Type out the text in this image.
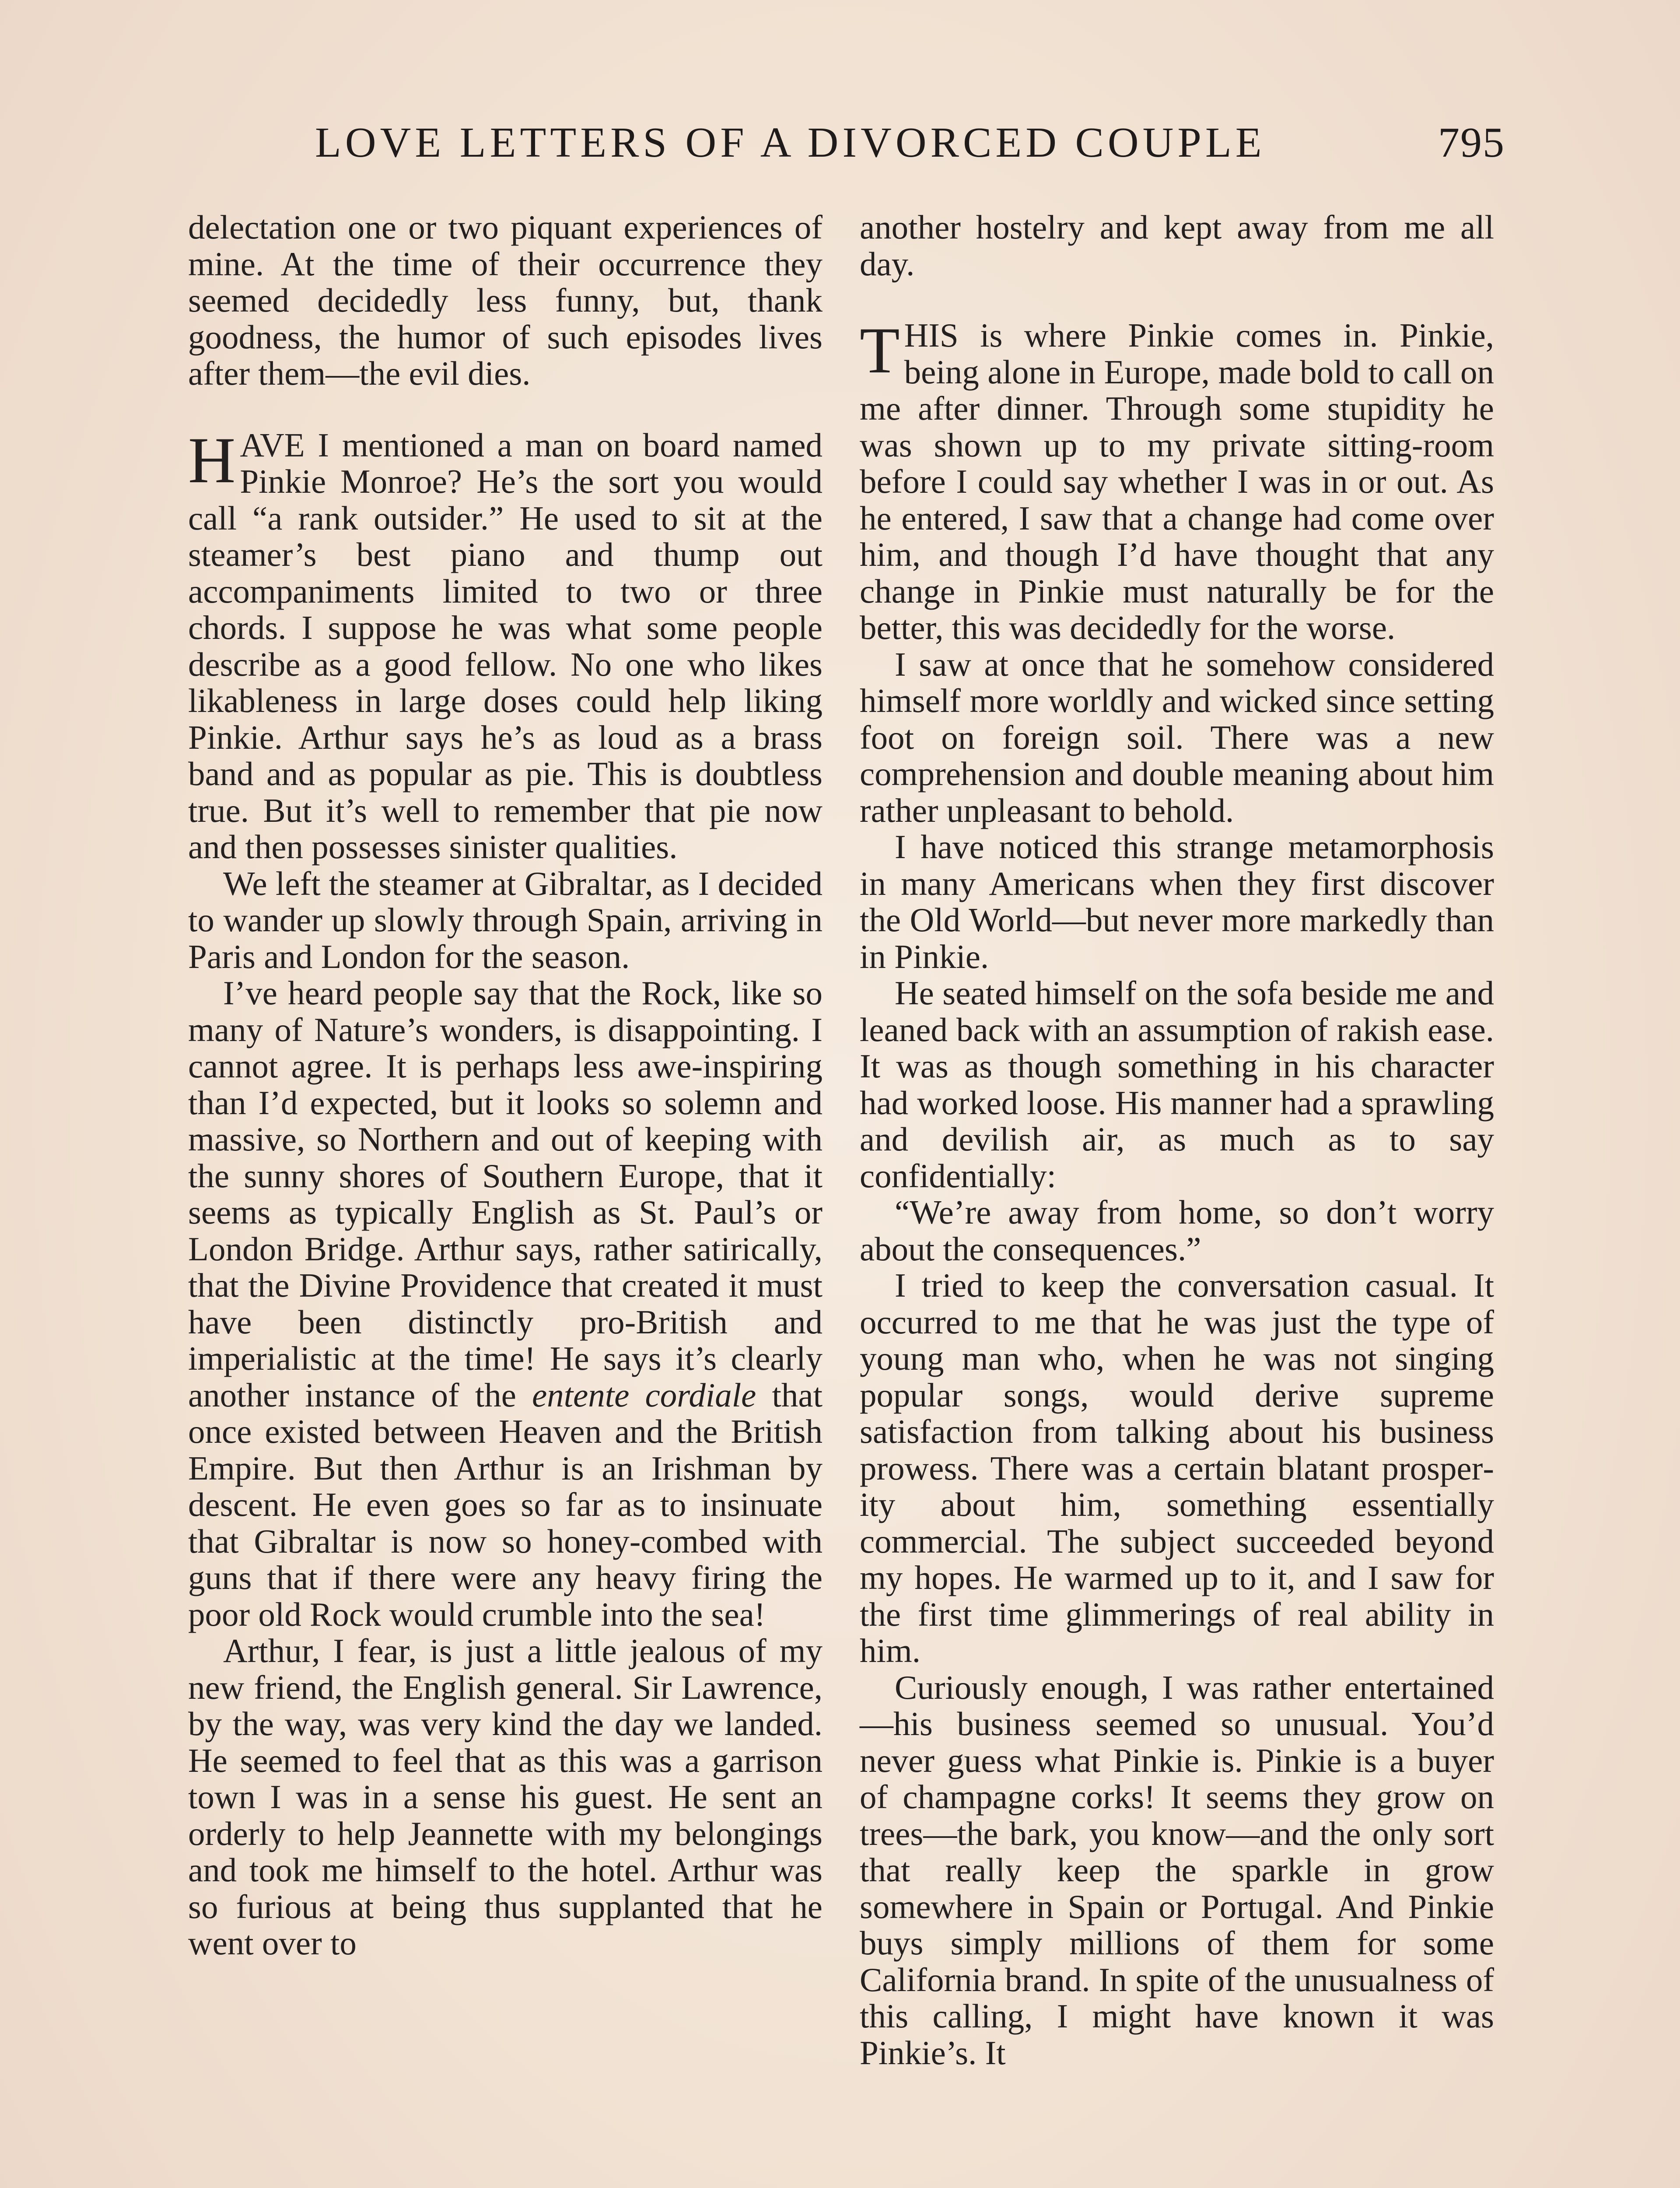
LOVE LETTERS OF A DIVORCED COUPLE	795

delectation one or two piquant experiences of mine. At the time of their occurrence they seemed decidedly less funny, but, thank goodness, the humor of such episodes lives after them—the evil dies.

HAVE I mentioned a man on board named Pinkie Monroe? He’s the sort you would call “a rank outsider.” He used to sit at the steamer’s best piano and thump out accompaniments limited to two or three chords. I suppose he was what some people describe as a good fellow. No one who likes likableness in large doses could help liking Pinkie. Arthur says he’s as loud as a brass band and as popular as pie. This is doubtless true. But it’s well to remember that pie now and then possesses sinister qualities.

We left the steamer at Gibraltar, as I decided to wander up slowly through Spain, arriving in Paris and London for the season.

I’ve heard people say that the Rock, like so many of Nature’s wonders, is disappointing. I cannot agree. It is perhaps less awe-inspiring than I’d expected, but it looks so solemn and massive, so Northern and out of keeping with the sunny shores of Southern Europe, that it seems as typically English as St. Paul’s or London Bridge. Arthur says, rather satirically, that the Divine Providence that created it must have been distinctly pro-British and imperialistic at the time! He says it’s clearly another instance of the entente cordiale that once existed between Heaven and the British Empire. But then Arthur is an Irishman by descent. He even goes so far as to insinuate that Gibraltar is now so honey-combed with guns that if there were any heavy firing the poor old Rock would crumble into the sea!

Arthur, I fear, is just a little jealous of my new friend, the English general. Sir Lawrence, by the way, was very kind the day we landed. He seemed to feel that as this was a garrison town I was in a sense his guest. He sent an orderly to help Jeannette with my belongings and took me himself to the hotel. Arthur was so furious at being thus supplanted that he went over to

another hostelry and kept away from me all day.

THIS is where Pinkie comes in. Pinkie, being alone in Europe, made bold to call on me after dinner. Through some stupidity he was shown up to my private sitting-room before I could say whether I was in or out. As he entered, I saw that a change had come over him, and though I’d have thought that any change in Pinkie must naturally be for the better, this was decidedly for the worse.

I saw at once that he somehow considered himself more worldly and wicked since setting foot on foreign soil. There was a new comprehension and double meaning about him rather unpleasant to behold.

I have noticed this strange metamorphosis in many Americans when they first discover the Old World—but never more markedly than in Pinkie.

He seated himself on the sofa beside me and leaned back with an assumption of rakish ease. It was as though something in his character had worked loose. His manner had a sprawling and devilish air, as much as to say confidentially:

“We’re away from home, so don’t worry about the consequences.”

I tried to keep the conversation casual. It occurred to me that he was just the type of young man who, when he was not singing popular songs, would derive supreme satisfaction from talking about his business prowess. There was a certain blatant prosperity about him, something essentially commercial. The subject succeeded beyond my hopes. He warmed up to it, and I saw for the first time glimmerings of real ability in him.

Curiously enough, I was rather entertained—his business seemed so unusual. You’d never guess what Pinkie is. Pinkie is a buyer of champagne corks! It seems they grow on trees—the bark, you know—and the only sort that really keep the sparkle in grow somewhere in Spain or Portugal. And Pinkie buys simply millions of them for some California brand. In spite of the unusualness of this calling, I might have known it was Pinkie’s. It
